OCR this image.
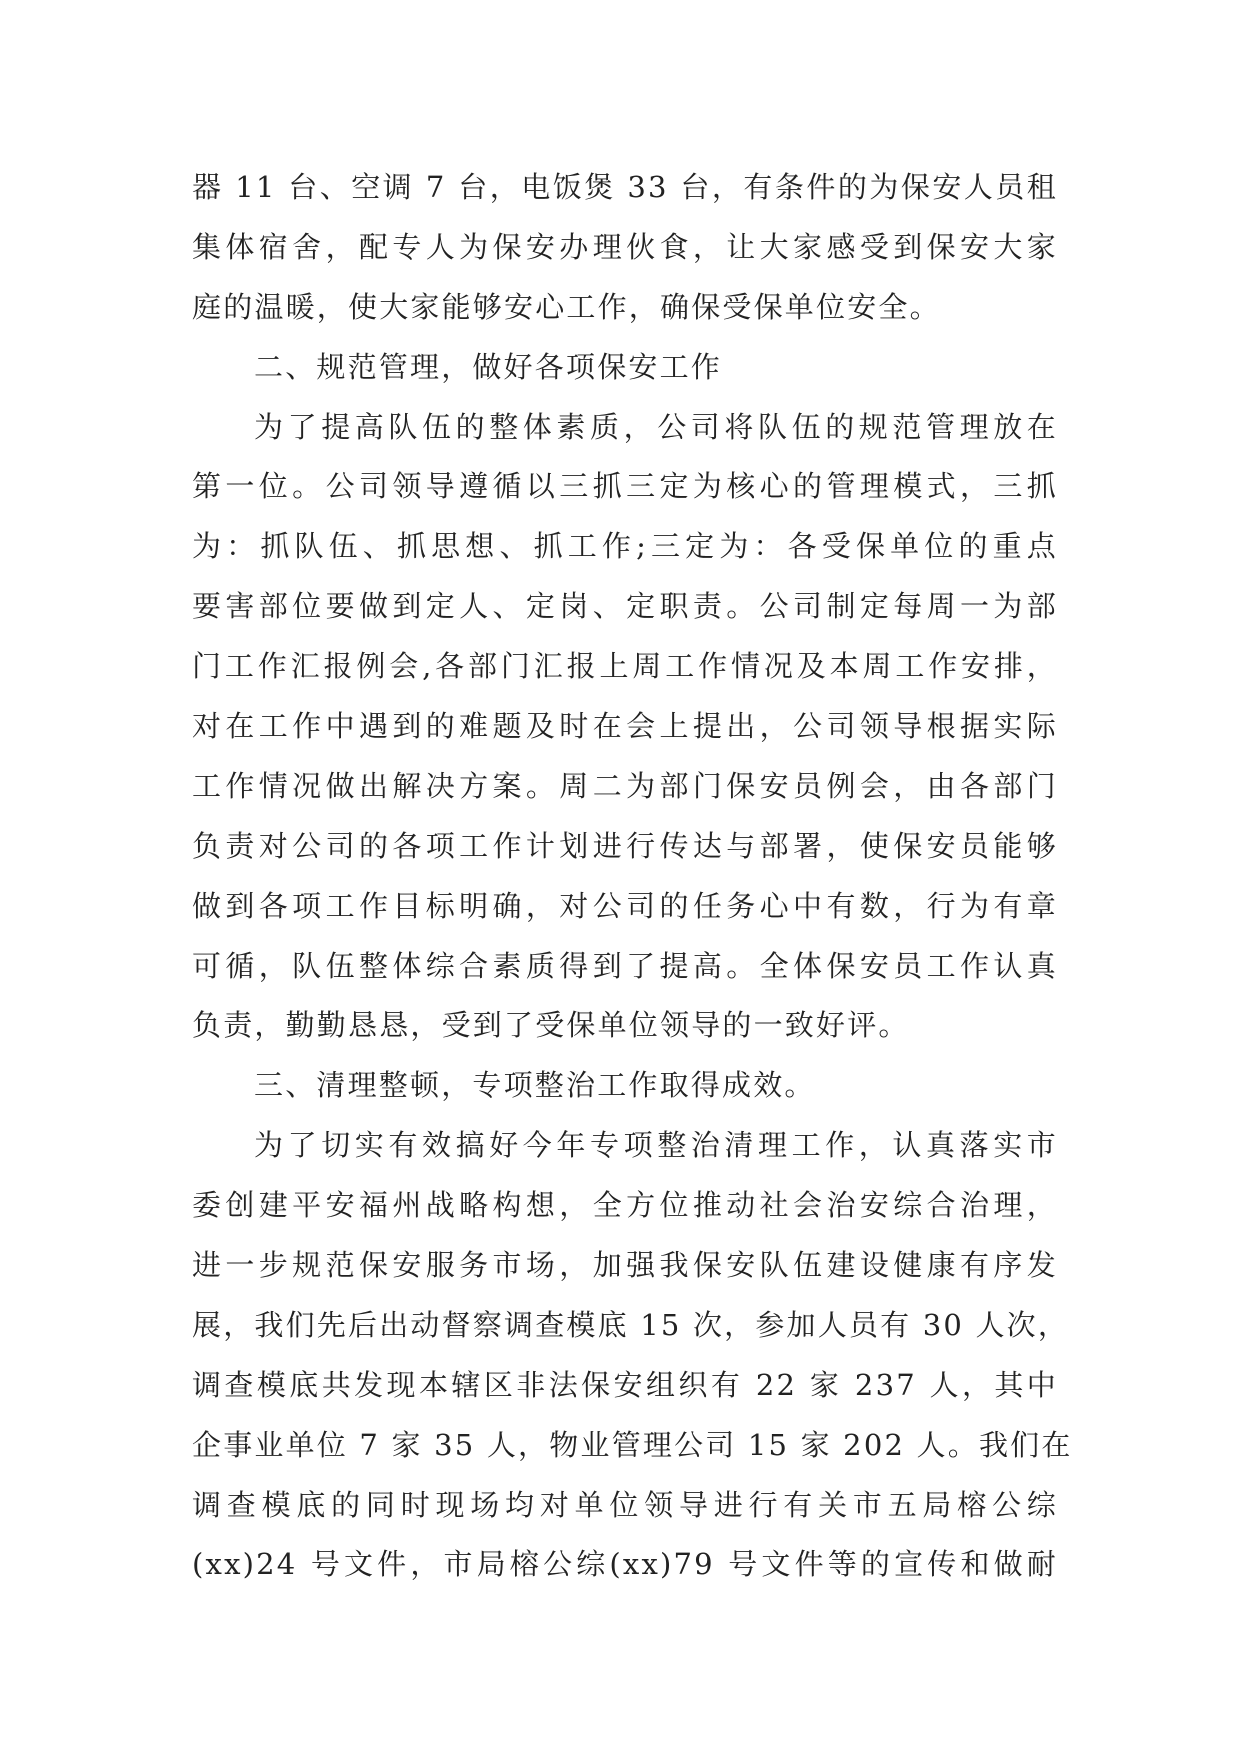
器 11 台、空调 7 台，电饭煲 33 台，有条件的为保安人员租
集体宿舍，配专人为保安办理伙食，让大家感受到保安大家
庭的温暖，使大家能够安心工作，确保受保单位安全。
二、规范管理，做好各项保安工作
为了提高队伍的整体素质，公司将队伍的规范管理放在
第一位。公司领导遵循以三抓三定为核心的管理模式，三抓
为：抓队伍、抓思想、抓工作;三定为：各受保单位的重点
要害部位要做到定人、定岗、定职责。公司制定每周一为部
门工作汇报例会,各部门汇报上周工作情况及本周工作安排，
对在工作中遇到的难题及时在会上提出，公司领导根据实际
工作情况做出解决方案。周二为部门保安员例会，由各部门
负责对公司的各项工作计划进行传达与部署，使保安员能够
做到各项工作目标明确，对公司的任务心中有数，行为有章
可循，队伍整体综合素质得到了提高。全体保安员工作认真
负责，勤勤恳恳，受到了受保单位领导的一致好评。
三、清理整顿，专项整治工作取得成效。
为了切实有效搞好今年专项整治清理工作，认真落实市
委创建平安福州战略构想，全方位推动社会治安综合治理，
进一步规范保安服务市场，加强我保安队伍建设健康有序发
展，我们先后出动督察调查模底 15 次，参加人员有 30 人次，
调查模底共发现本辖区非法保安组织有 22 家 237 人，其中
企事业单位 7 家 35 人，物业管理公司 15 家 202 人。我们在
调查模底的同时现场均对单位领导进行有关市五局榕公综
(xx)24 号文件，市局榕公综(xx)79 号文件等的宣传和做耐
